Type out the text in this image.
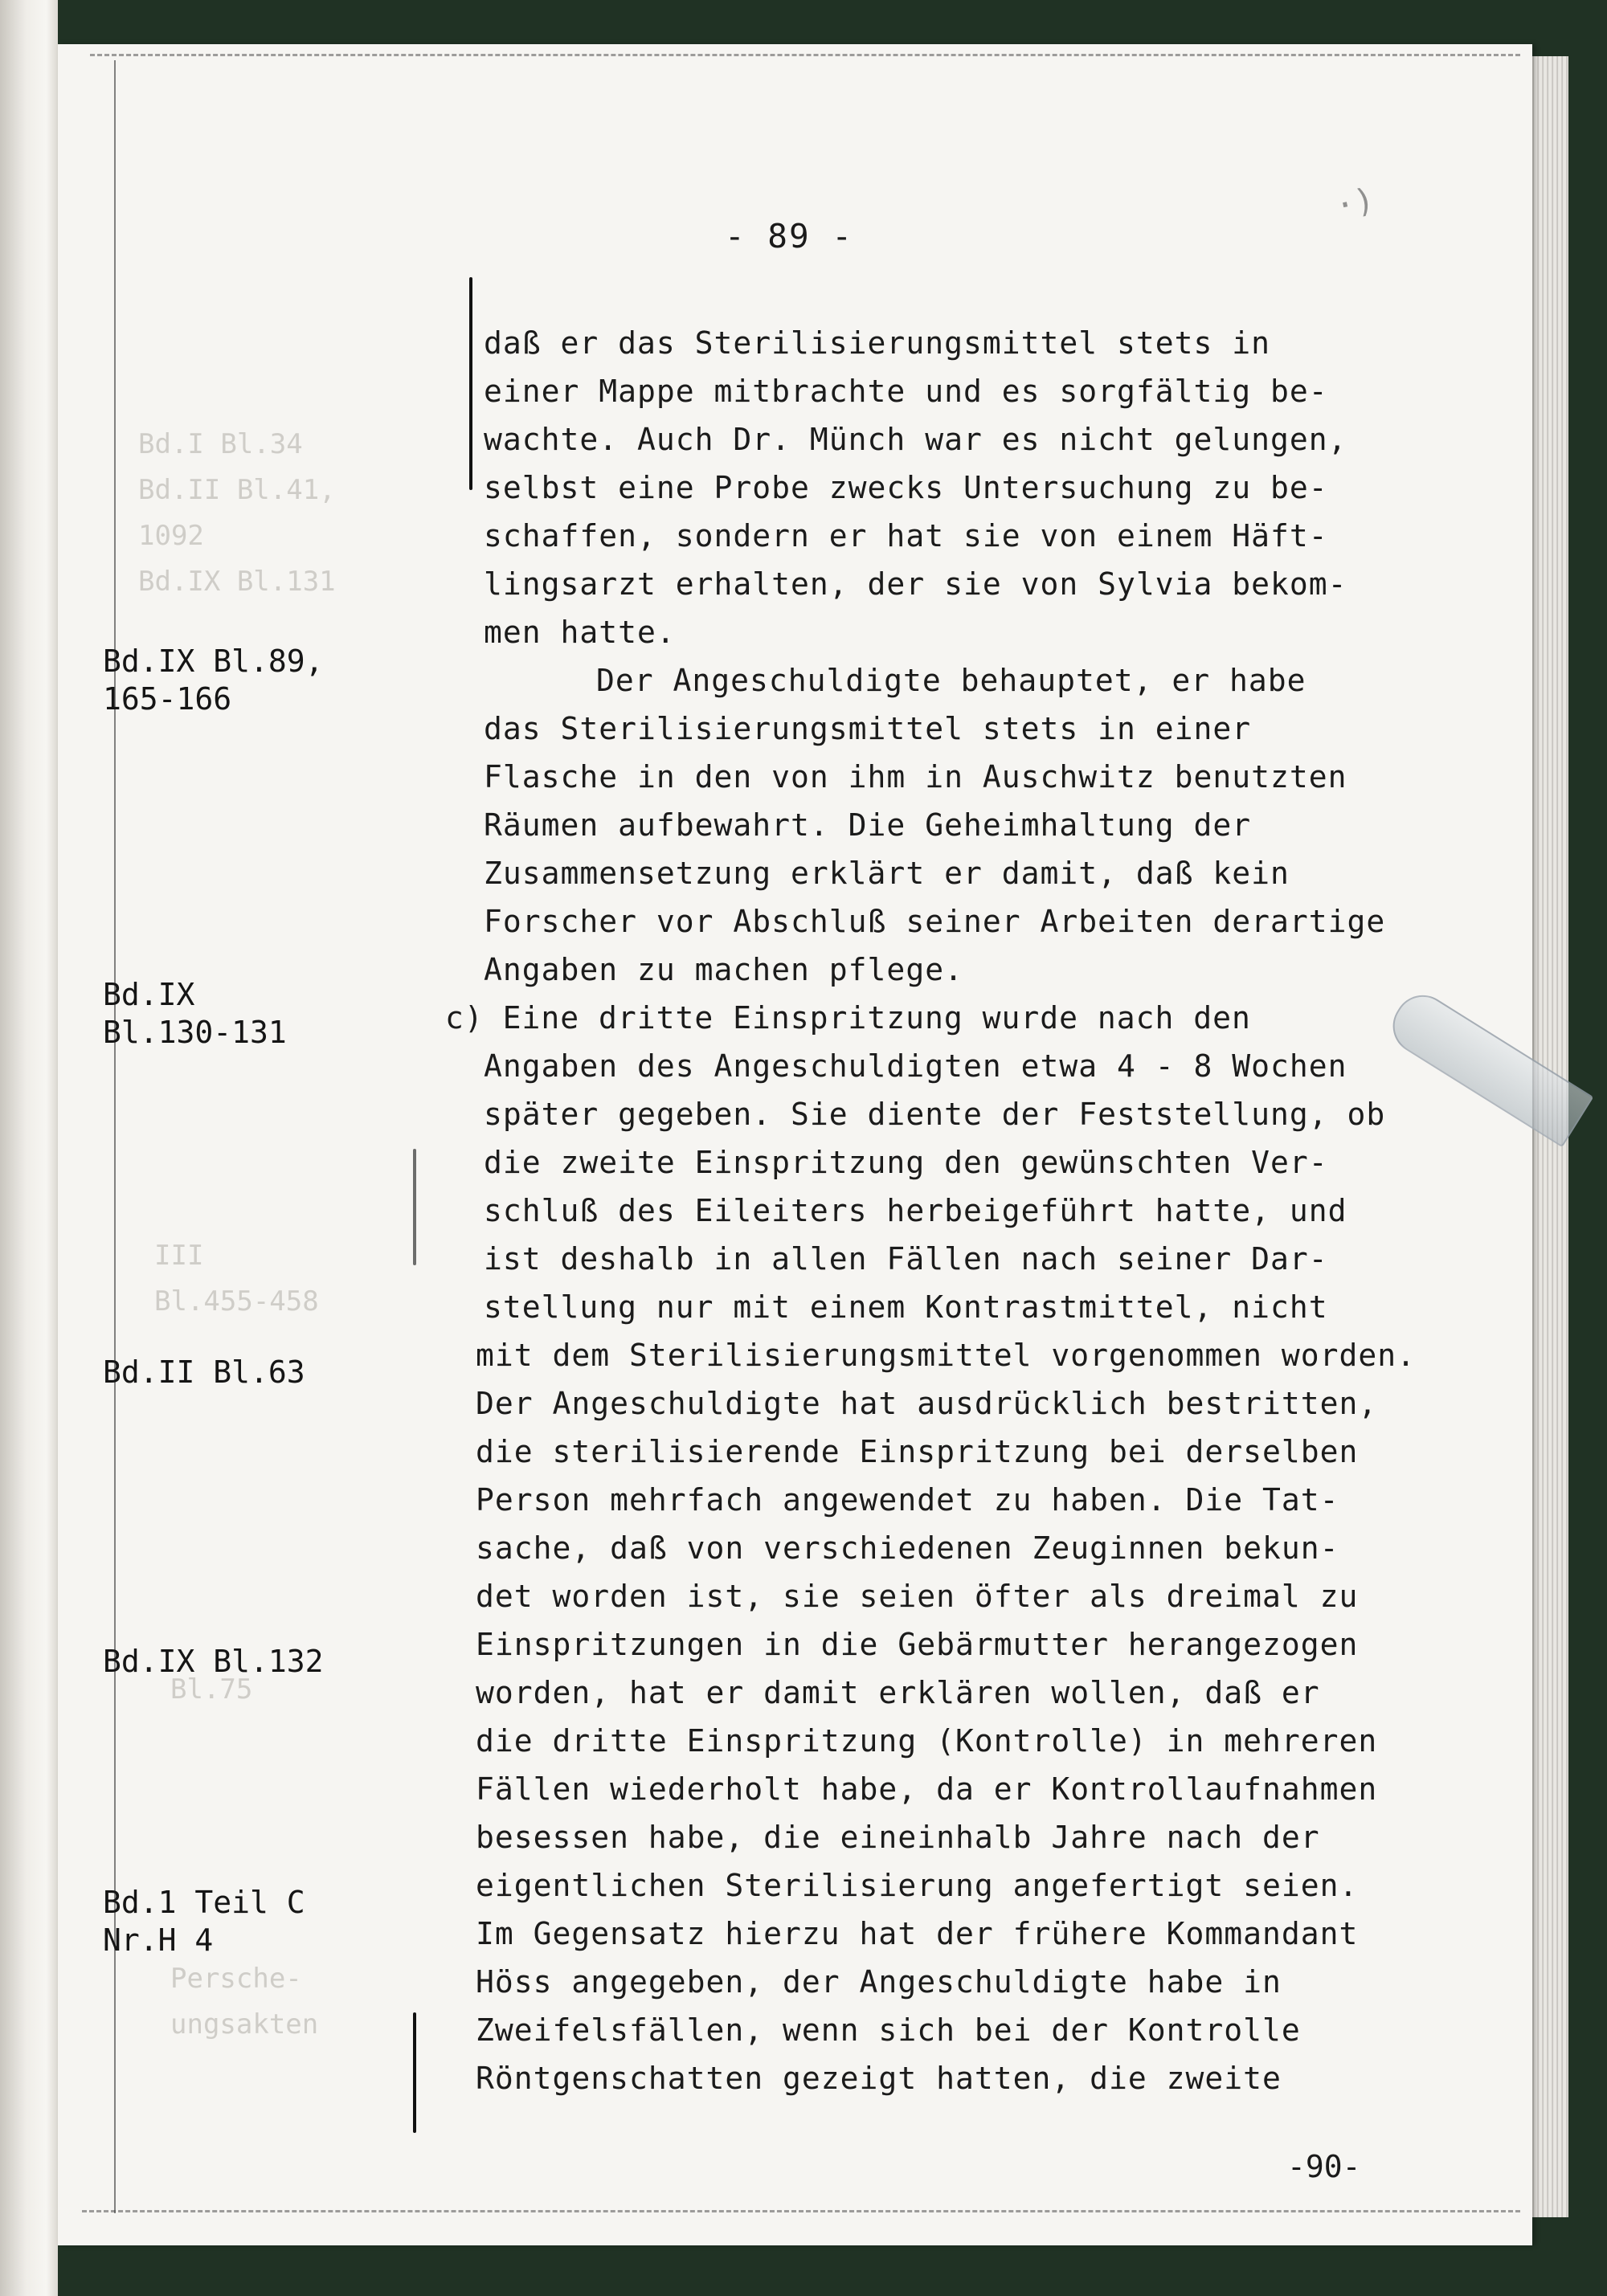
Bd.I Bl.34
Bd.II Bl.41,
1092
Bd.IX Bl.131
III
Bl.455-458
Bl.75
Persche-
ungsakten
- 89 -
·)
Bd.IX Bl.89,
165-166
Bd.IX
Bl.130-131
Bd.II Bl.63
Bd.IX Bl.132
Bd.1 Teil C
Nr.H 4
daß er das Sterilisierungsmittel stets in
einer Mappe mitbrachte und es sorgfältig be-
wachte. Auch Dr. Münch war es nicht gelungen,
selbst eine Probe zwecks Untersuchung zu be-
schaffen, sondern er hat sie von einem Häft-
lingsarzt erhalten, der sie von Sylvia bekom-
men hatte.
Der Angeschuldigte behauptet, er habe
das Sterilisierungsmittel stets in einer
Flasche in den von ihm in Auschwitz benutzten
Räumen aufbewahrt. Die Geheimhaltung der
Zusammensetzung erklärt er damit, daß kein
Forscher vor Abschluß seiner Arbeiten derartige
Angaben zu machen pflege.
c) Eine dritte Einspritzung wurde nach den
Angaben des Angeschuldigten etwa 4 - 8 Wochen
später gegeben. Sie diente der Feststellung, ob
die zweite Einspritzung den gewünschten Ver-
schluß des Eileiters herbeigeführt hatte, und
ist deshalb in allen Fällen nach seiner Dar-
stellung nur mit einem Kontrastmittel, nicht
mit dem Sterilisierungsmittel vorgenommen worden.
Der Angeschuldigte hat ausdrücklich bestritten,
die sterilisierende Einspritzung bei derselben
Person mehrfach angewendet zu haben. Die Tat-
sache, daß von verschiedenen Zeuginnen bekun-
det worden ist, sie seien öfter als dreimal zu
Einspritzungen in die Gebärmutter herangezogen
worden, hat er damit erklären wollen, daß er
die dritte Einspritzung (Kontrolle) in mehreren
Fällen wiederholt habe, da er Kontrollaufnahmen
besessen habe, die eineinhalb Jahre nach der
eigentlichen Sterilisierung angefertigt seien.
Im Gegensatz hierzu hat der frühere Kommandant
Höss angegeben, der Angeschuldigte habe in
Zweifelsfällen, wenn sich bei der Kontrolle
Röntgenschatten gezeigt hatten, die zweite
-90-
